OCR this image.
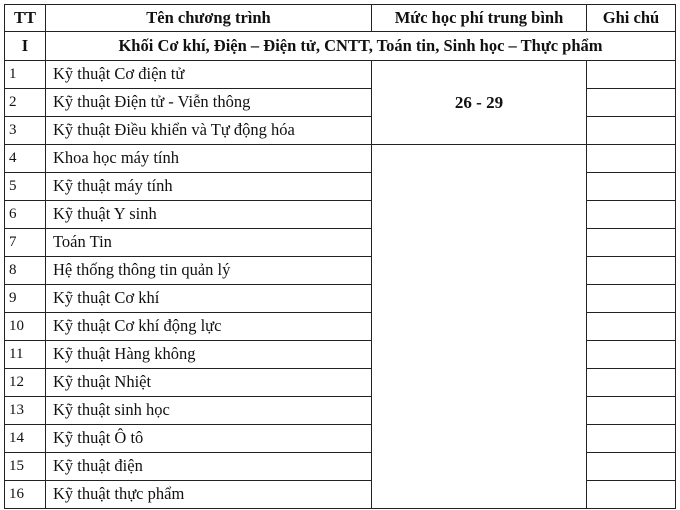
TT	Tên chương trình	Mức học phí trung bình	Ghi chú
I	Khối Cơ khí, Điện – Điện tử, CNTT, Toán tin, Sinh học – Thực phẩm		
1	Kỹ thuật Cơ điện tử	26 - 29	
2	Kỹ thuật Điện tử - Viễn thông		
3	Kỹ thuật Điều khiển và Tự động hóa		
4	Khoa học máy tính		
5	Kỹ thuật máy tính		
6	Kỹ thuật Y sinh		
7	Toán Tin		
8	Hệ thống thông tin quản lý		
9	Kỹ thuật Cơ khí		
10	Kỹ thuật Cơ khí động lực		
11	Kỹ thuật Hàng không		
12	Kỹ thuật Nhiệt		
13	Kỹ thuật sinh học		
14	Kỹ thuật Ô tô		
15	Kỹ thuật điện		
16	Kỹ thuật thực phẩm		
